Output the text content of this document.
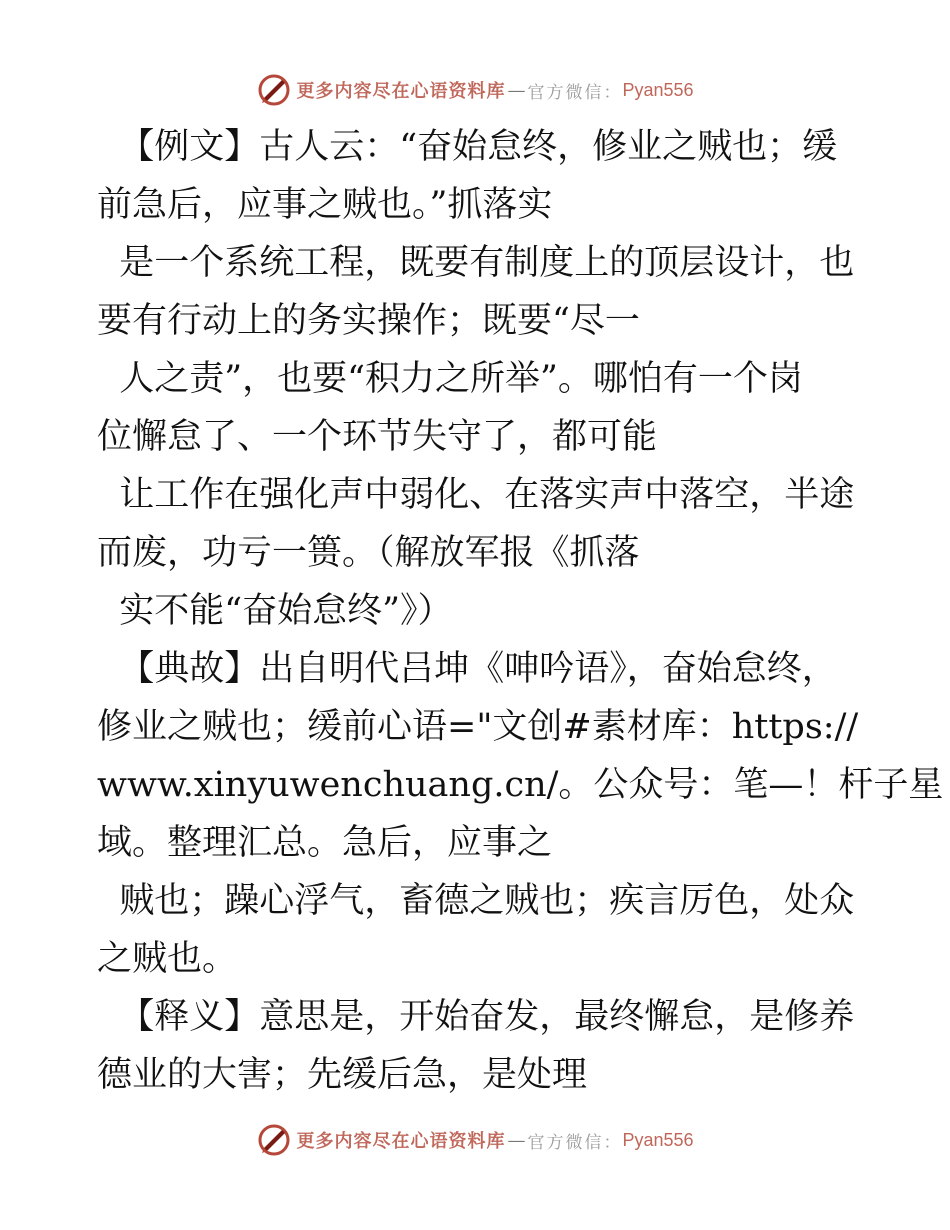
更多内容尽在心语资料库 — 官方微信： Pyan556

【例文】古人云：“奋始怠终，修业之贼也；缓

前急后，应事之贼也。”抓落实

是一个系统工程，既要有制度上的顶层设计，也

要有行动上的务实操作；既要“尽一

人之责”，也要“积力之所举”。哪怕有一个岗

位懈怠了、一个环节失守了，都可能

让工作在强化声中弱化、在落实声中落空，半途

而废，功亏一篑。（解放军报《抓落

实不能“奋始怠终”》）

【典故】出自明代吕坤《呻吟语》，奋始怠终，

修业之贼也；缓前心语="文创#素材库：https://

www.xinyuwenchuang.cn/。公众号：笔—！杆子星

域。整理汇总。急后，应事之

贼也；躁心浮气，畜德之贼也；疾言厉色，处众

之贼也。

【释义】意思是，开始奋发，最终懈怠，是修养

德业的大害；先缓后急，是处理

更多内容尽在心语资料库 — 官方微信： Pyan556
